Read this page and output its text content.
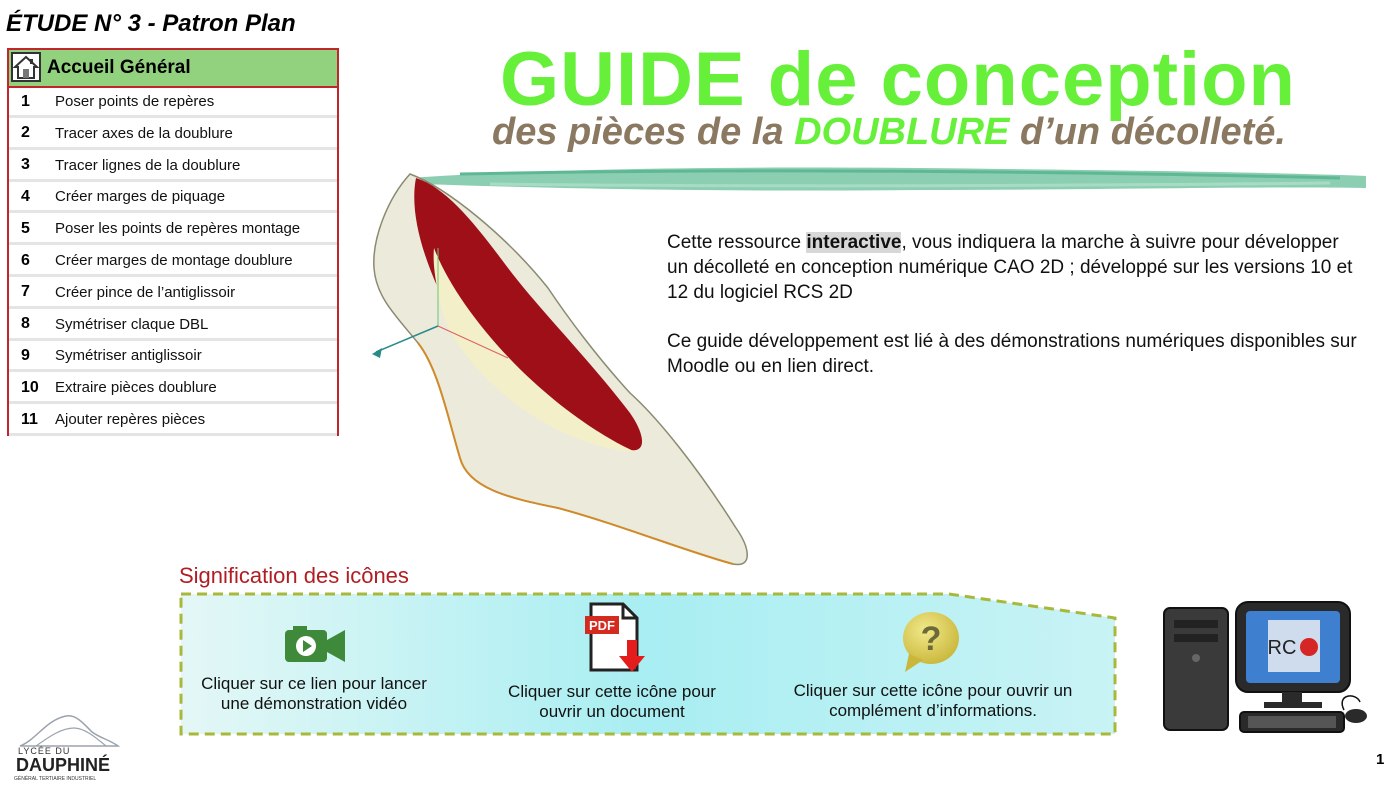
ÉTUDE N° 3 - Patron Plan
Accueil Général
1	Poser points de repères
2	Tracer axes de la doublure
3	Tracer lignes de la doublure
4	Créer marges de piquage
5	Poser les points de repères montage
6	Créer marges de montage doublure
7	Créer pince de l’antiglissoir
8	Symétriser claque DBL
9	Symétriser antiglissoir
10	Extraire pièces doublure
11	Ajouter repères pièces
GUIDE de conception
des pièces de la DOUBLURE d’un décolleté.

Cette ressource interactive, vous indiquera la marche à suivre pour développer un décolleté en conception numérique CAO 2D ; développé sur les versions 10 et 12 du logiciel RCS 2D

Ce guide développement est lié à des démonstrations numériques disponibles sur Moodle ou en lien direct.

Signification des icônes
Cliquer sur ce lien pour lancer une démonstration vidéo
PDF
Cliquer sur cette icône pour ouvrir un document
?
Cliquer sur cette icône pour ouvrir un complément d’informations.
RC
LYCÉE DU
DAUPHINÉ
GÉNÉRAL TERTIAIRE INDUSTRIEL
1
